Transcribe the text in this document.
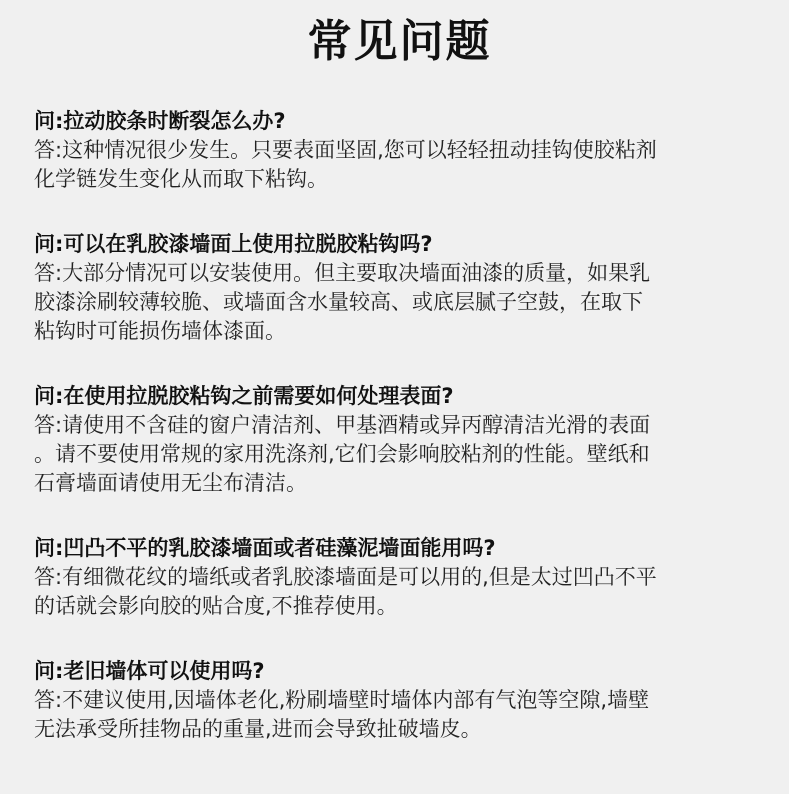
常见问题
问:拉动胶条时断裂怎么办?
答:这种情况很少发生。只要表面坚固,您可以轻轻扭动挂钩使胶粘剂
化学链发生变化从而取下粘钩。
问:可以在乳胶漆墙面上使用拉脱胶粘钩吗?
答:大部分情况可以安装使用。但主要取决墙面油漆的质量，如果乳
胶漆涂刷较薄较脆、或墙面含水量较高、或底层腻子空鼓，在取下
粘钩时可能损伤墙体漆面。
问:在使用拉脱胶粘钩之前需要如何处理表面?
答:请使用不含硅的窗户清洁剂、甲基酒精或异丙醇清洁光滑的表面
。请不要使用常规的家用洗涤剂,它们会影响胶粘剂的性能。壁纸和
石膏墙面请使用无尘布清洁。
问:凹凸不平的乳胶漆墙面或者硅藻泥墙面能用吗?
答:有细微花纹的墙纸或者乳胶漆墙面是可以用的,但是太过凹凸不平
的话就会影向胶的贴合度,不推荐使用。
问:老旧墙体可以使用吗?
答:不建议使用,因墙体老化,粉刷墙壁时墙体内部有气泡等空隙,墙壁
无法承受所挂物品的重量,进而会导致扯破墙皮。
